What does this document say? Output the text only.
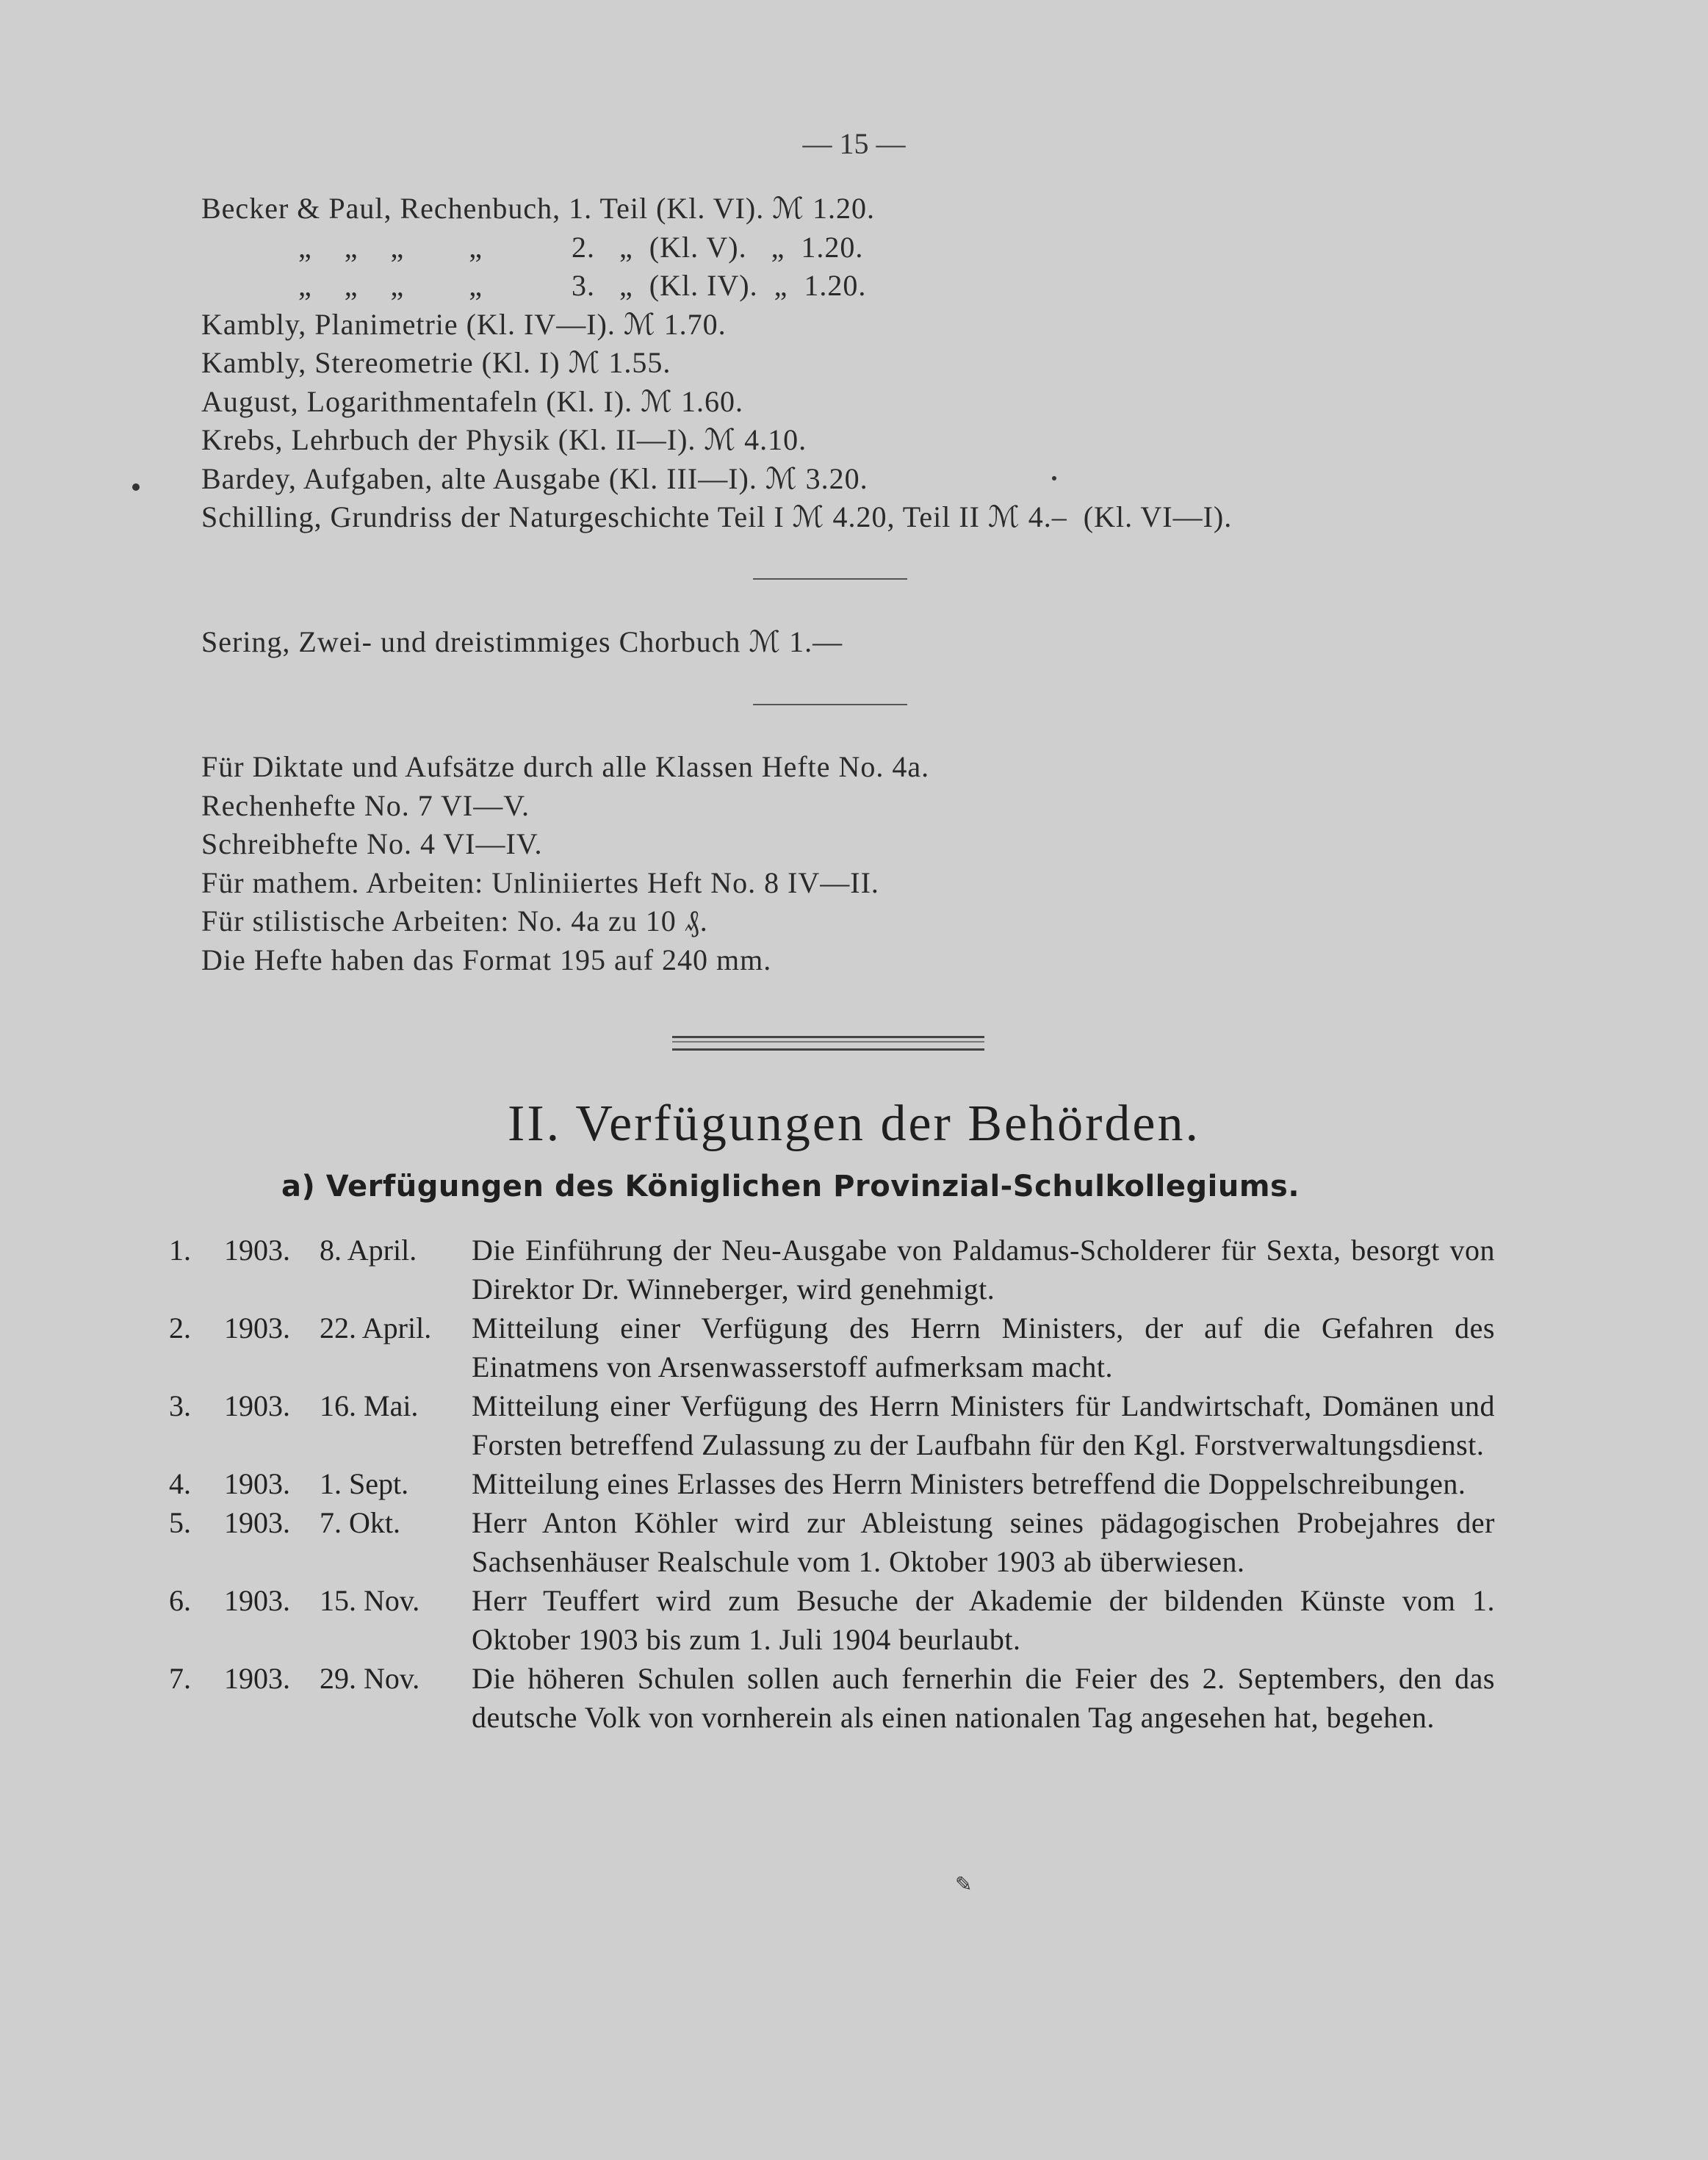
— 15 —
Becker & Paul, Rechenbuch, 1. Teil (Kl. VI). ℳ 1.20.
„    „    „        „           2.   „  (Kl. V).   „  1.20.
„    „    „        „           3.   „  (Kl. IV).  „  1.20.
Kambly, Planimetrie (Kl. IV—I). ℳ 1.70.
Kambly, Stereometrie (Kl. I) ℳ 1.55.
August, Logarithmentafeln (Kl. I). ℳ 1.60.
Krebs, Lehrbuch der Physik (Kl. II—I). ℳ 4.10.
Bardey, Aufgaben, alte Ausgabe (Kl. III—I). ℳ 3.20.
Schilling, Grundriss der Naturgeschichte Teil I ℳ 4.20, Teil II ℳ 4.–  (Kl. VI—I).
Sering, Zwei- und dreistimmiges Chorbuch ℳ 1.—
Für Diktate und Aufsätze durch alle Klassen Hefte No. 4a.
Rechenhefte No. 7 VI—V.
Schreibhefte No. 4 VI—IV.
Für mathem. Arbeiten: Unliniiertes Heft No. 8 IV—II.
Für stilistische Arbeiten: No. 4a zu 10 ₰.
Die Hefte haben das Format 195 auf 240 mm.
II. Verfügungen der Behörden.
a) Verfügungen des Königlichen Provinzial-Schulkollegiums.
1.	1903. 8. April.	Die Einführung der Neu-Ausgabe von Paldamus-Scholderer für Sexta, besorgt von Direktor Dr. Winneberger, wird genehmigt.
2.	1903. 22. April.	Mitteilung einer Verfügung des Herrn Ministers, der auf die Gefahren des Einatmens von Arsenwasserstoff aufmerksam macht.
3.	1903. 16. Mai.	Mitteilung einer Verfügung des Herrn Ministers für Landwirtschaft, Domänen und Forsten betreffend Zulassung zu der Laufbahn für den Kgl. Forstverwaltungsdienst.
4.	1903. 1. Sept.	Mitteilung eines Erlasses des Herrn Ministers betreffend die Doppelschreibungen.
5.	1903. 7. Okt.	Herr Anton Köhler wird zur Ableistung seines pädagogischen Probejahres der Sachsenhäuser Realschule vom 1. Oktober 1903 ab überwiesen.
6.	1903. 15. Nov.	Herr Teuffert wird zum Besuche der Akademie der bildenden Künste vom 1. Oktober 1903 bis zum 1. Juli 1904 beurlaubt.
7.	1903. 29. Nov.	Die höheren Schulen sollen auch fernerhin die Feier des 2. Septembers, den das deutsche Volk von vornherein als einen nationalen Tag angesehen hat, begehen.
✎
